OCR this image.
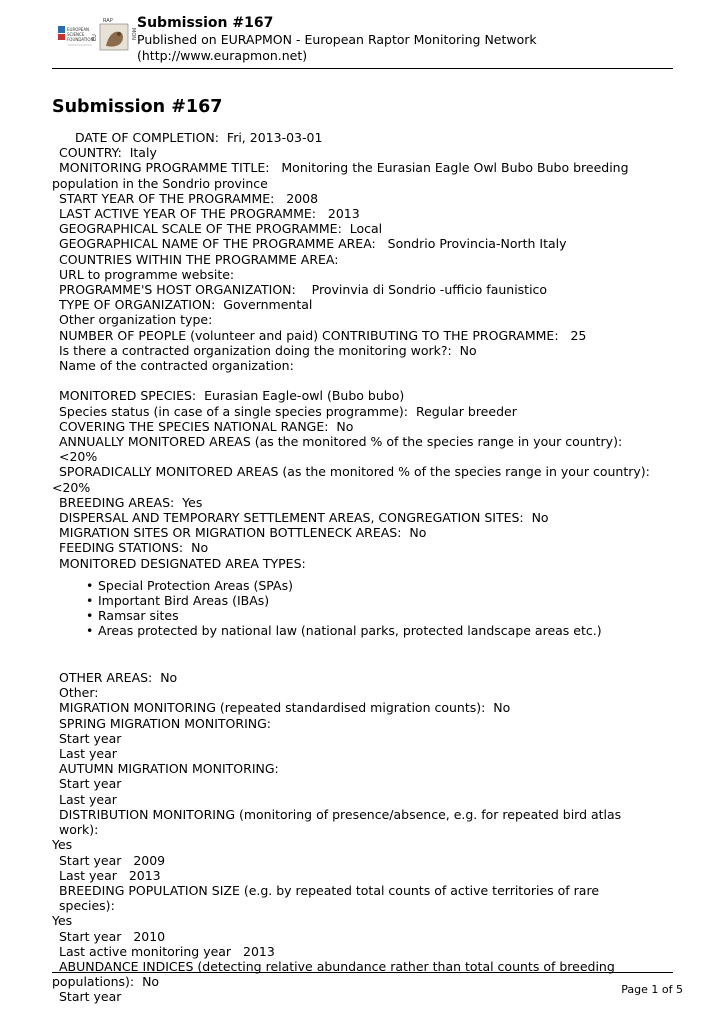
EUROPEAN
SCIENCE
FOUNDATION
RAP
EU	MON
Submission #167
Published on EURAPMON - European Raptor Monitoring Network
(http://www.eurapmon.net)
Submission #167
DATE OF COMPLETION:  Fri, 2013-03-01
COUNTRY:  Italy
MONITORING PROGRAMME TITLE:   Monitoring the Eurasian Eagle Owl Bubo Bubo breeding
population in the Sondrio province
START YEAR OF THE PROGRAMME:   2008
LAST ACTIVE YEAR OF THE PROGRAMME:   2013
GEOGRAPHICAL SCALE OF THE PROGRAMME:  Local
GEOGRAPHICAL NAME OF THE PROGRAMME AREA:   Sondrio Provincia-North Italy
COUNTRIES WITHIN THE PROGRAMME AREA:
URL to programme website:
PROGRAMME'S HOST ORGANIZATION:    Provinvia di Sondrio -ufficio faunistico
TYPE OF ORGANIZATION:  Governmental
Other organization type:
NUMBER OF PEOPLE (volunteer and paid) CONTRIBUTING TO THE PROGRAMME:   25
Is there a contracted organization doing the monitoring work?:  No
Name of the contracted organization:
MONITORED SPECIES:  Eurasian Eagle-owl (Bubo bubo)
Species status (in case of a single species programme):  Regular breeder
COVERING THE SPECIES NATIONAL RANGE:  No
ANNUALLY MONITORED AREAS (as the monitored % of the species range in your country):  <20%
SPORADICALLY MONITORED AREAS (as the monitored % of the species range in your country):
<20%
BREEDING AREAS:  Yes
DISPERSAL AND TEMPORARY SETTLEMENT AREAS, CONGREGATION SITES:  No
MIGRATION SITES OR MIGRATION BOTTLENECK AREAS:  No
FEEDING STATIONS:  No
MONITORED DESIGNATED AREA TYPES:
• Special Protection Areas (SPAs)
• Important Bird Areas (IBAs)
• Ramsar sites
• Areas protected by national law (national parks, protected landscape areas etc.)
OTHER AREAS:  No
Other:
MIGRATION MONITORING (repeated standardised migration counts):  No
SPRING MIGRATION MONITORING:
Start year
Last year
AUTUMN MIGRATION MONITORING:
Start year
Last year
DISTRIBUTION MONITORING (monitoring of presence/absence, e.g. for repeated bird atlas work):
Yes
Start year   2009
Last year   2013
BREEDING POPULATION SIZE (e.g. by repeated total counts of active territories of rare species):
Yes
Start year   2010
Last active monitoring year   2013
ABUNDANCE INDICES (detecting relative abundance rather than total counts of breeding
populations):  No
Start year	Page 1 of 5
